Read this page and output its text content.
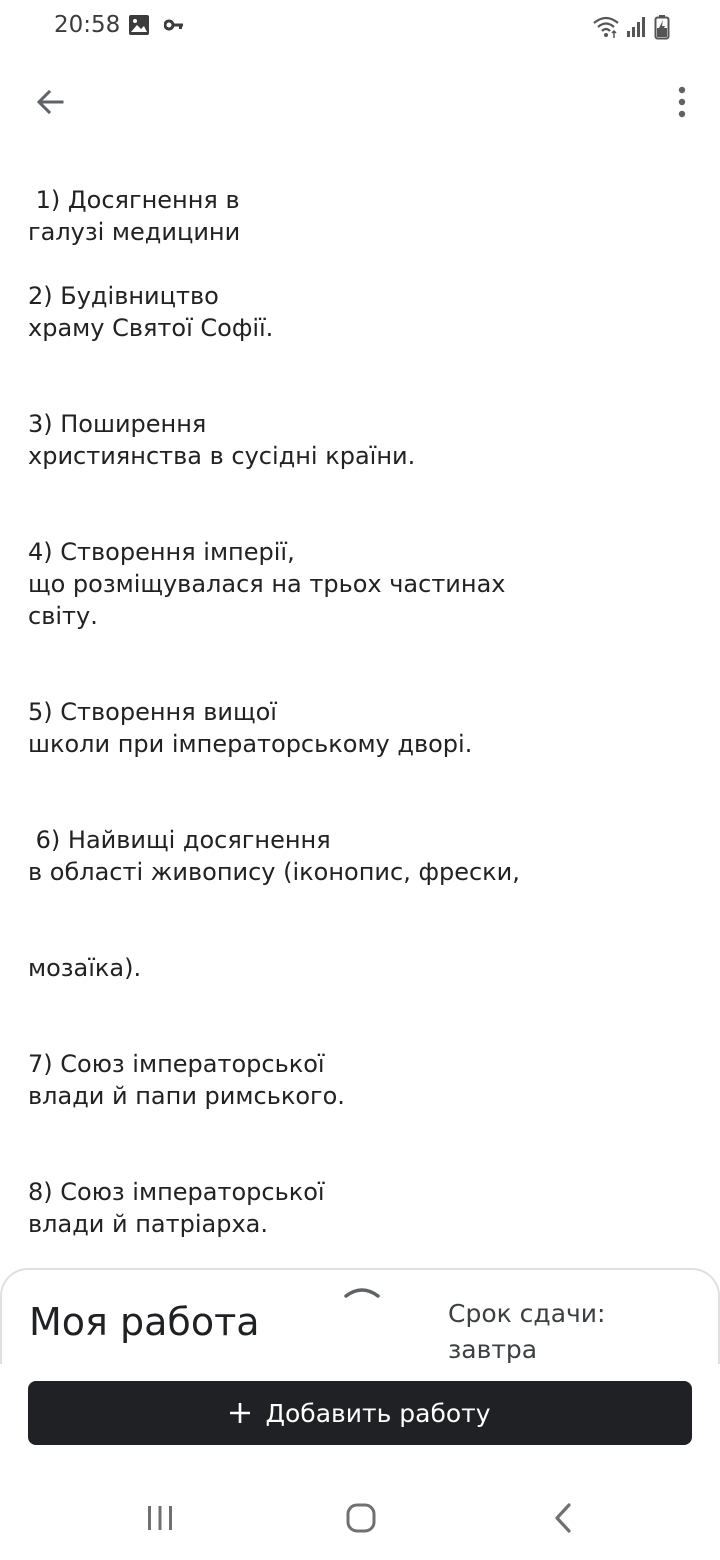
20:58
1) Досягнення в
галузі медицини
2) Будівництво
храму Святої Софії.
3) Поширення
християнства в сусідні країни.
4) Створення імперії,
що розміщувалася на трьох частинах
світу.
5) Створення вищої
школи при імператорському дворі.
6) Найвищі досягнення
в області живопису (іконопис, фрески,
мозаїка).
7) Союз імператорської
влади й папи римського.
8) Союз імператорської
влади й патріарха.
Моя работа	Срок сдачи:
завтра
Добавить работу
